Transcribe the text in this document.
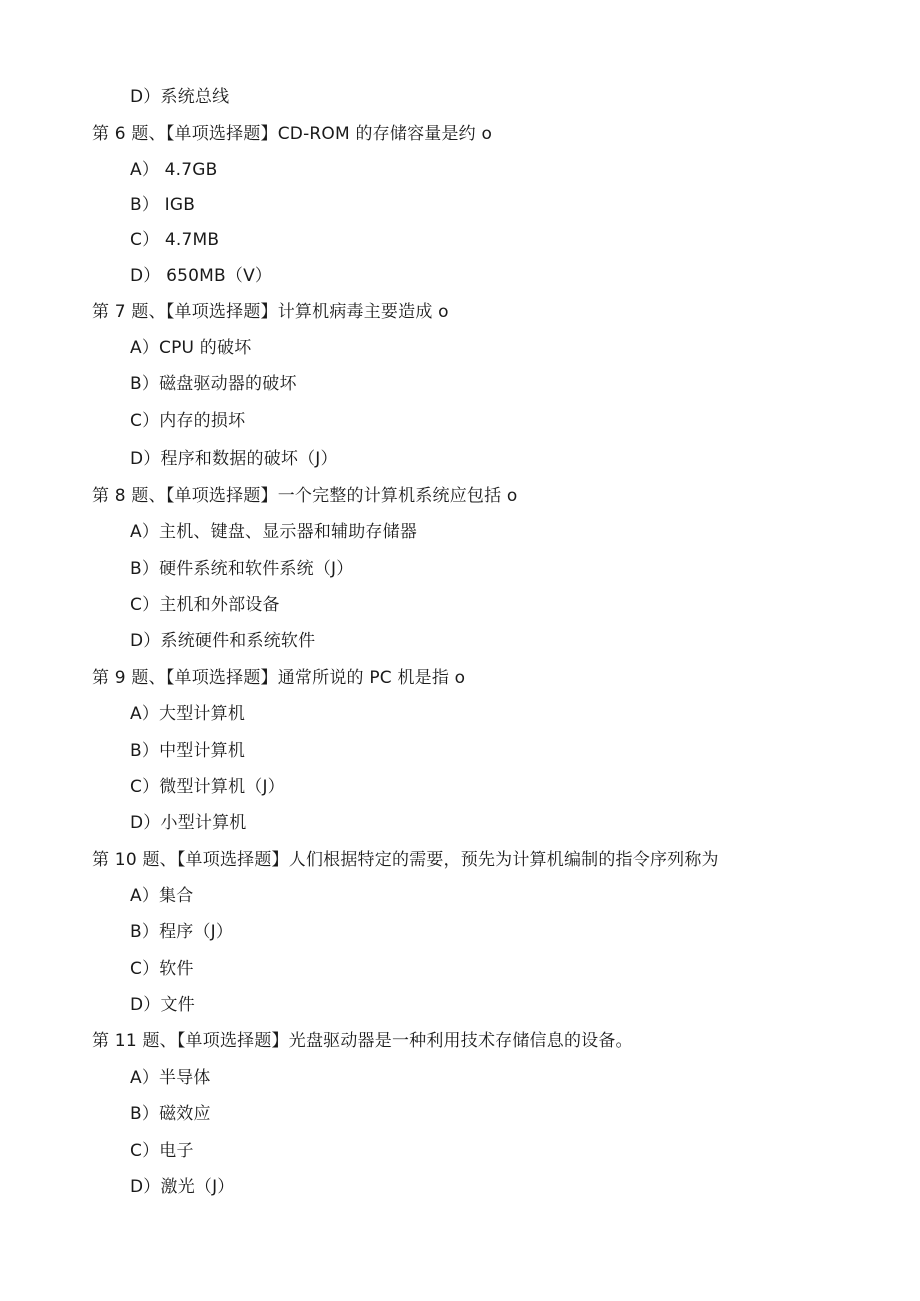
D）系统总线
第 6 题、【单项选择题】CD-ROM 的存储容量是约 o
A） 4.7GB
B） IGB
C） 4.7MB
D） 650MB（V）
第 7 题、【单项选择题】计算机病毒主要造成 o
A）CPU 的破坏
B）磁盘驱动器的破坏
C）内存的损坏
D）程序和数据的破坏（J）
第 8 题、【单项选择题】一个完整的计算机系统应包括 o
A）主机、键盘、显示器和辅助存储器
B）硬件系统和软件系统（J）
C）主机和外部设备
D）系统硬件和系统软件
第 9 题、【单项选择题】通常所说的 PC 机是指 o
A）大型计算机
B）中型计算机
C）微型计算机（J）
D）小型计算机
第 10 题、【单项选择题】人们根据特定的需要，预先为计算机编制的指令序列称为
A）集合
B）程序（J）
C）软件
D）文件
第 11 题、【单项选择题】光盘驱动器是一种利用技术存储信息的设备。
A）半导体
B）磁效应
C）电子
D）激光（J）
